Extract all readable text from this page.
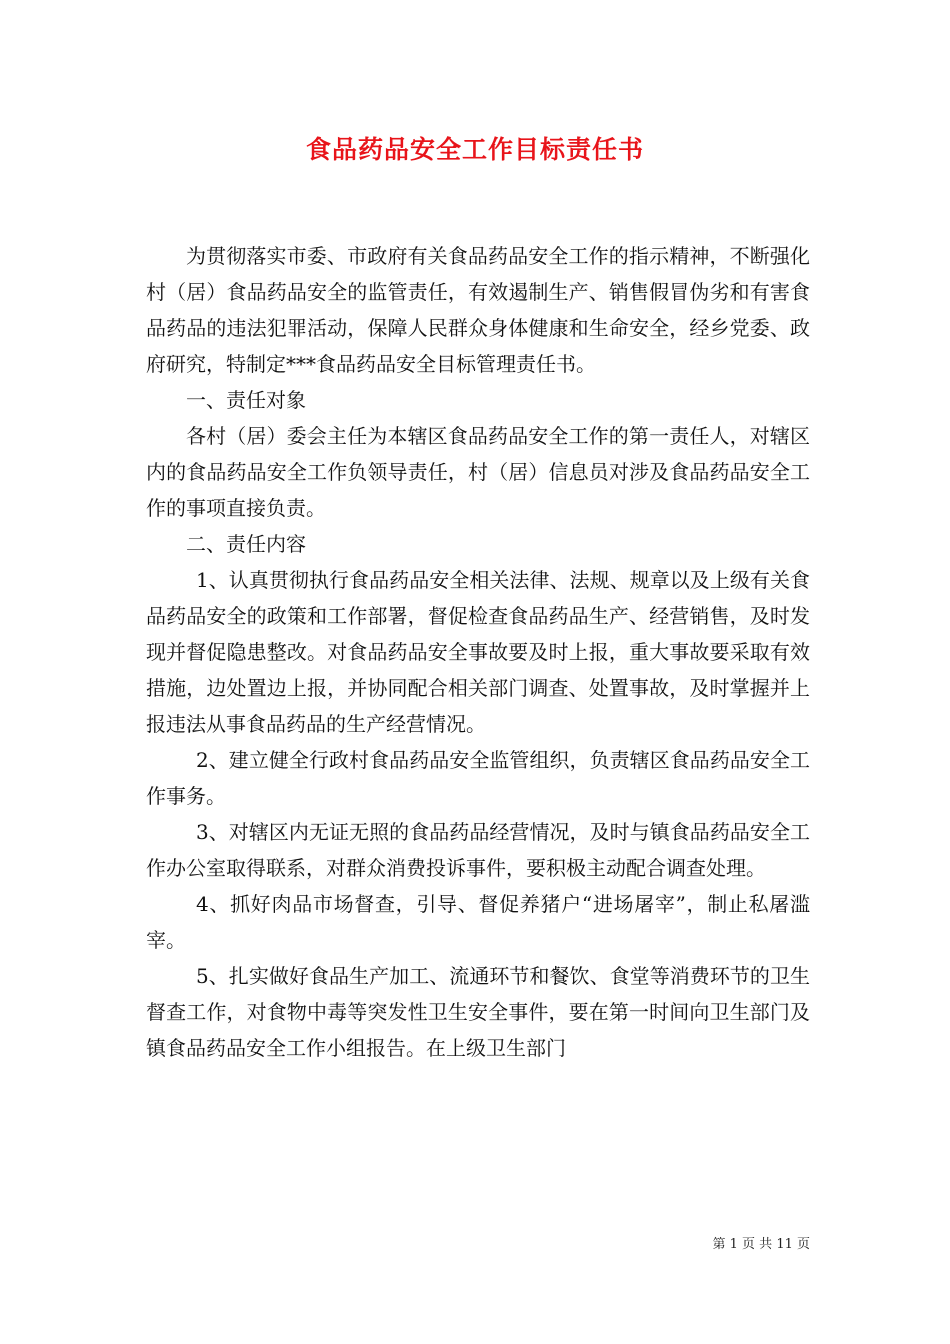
食品药品安全工作目标责任书

为贯彻落实市委、市政府有关食品药品安全工作的指示精神，不断强化村（居）食品药品安全的监管责任，有效遏制生产、销售假冒伪劣和有害食品药品的违法犯罪活动，保障人民群众身体健康和生命安全，经乡党委、政府研究，特制定***食品药品安全目标管理责任书。

一、责任对象

各村（居）委会主任为本辖区食品药品安全工作的第一责任人，对辖区内的食品药品安全工作负领导责任，村（居）信息员对涉及食品药品安全工作的事项直接负责。

二、责任内容

1、认真贯彻执行食品药品安全相关法律、法规、规章以及上级有关食品药品安全的政策和工作部署，督促检查食品药品生产、经营销售，及时发现并督促隐患整改。对食品药品安全事故要及时上报，重大事故要采取有效措施，边处置边上报，并协同配合相关部门调查、处置事故，及时掌握并上报违法从事食品药品的生产经营情况。

2、建立健全行政村食品药品安全监管组织，负责辖区食品药品安全工作事务。

3、对辖区内无证无照的食品药品经营情况，及时与镇食品药品安全工作办公室取得联系，对群众消费投诉事件，要积极主动配合调查处理。

4、抓好肉品市场督查，引导、督促养猪户“进场屠宰”，制止私屠滥宰。

5、扎实做好食品生产加工、流通环节和餐饮、食堂等消费环节的卫生督查工作，对食物中毒等突发性卫生安全事件，要在第一时间向卫生部门及镇食品药品安全工作小组报告。在上级卫生部门

第 1 页 共 11 页
